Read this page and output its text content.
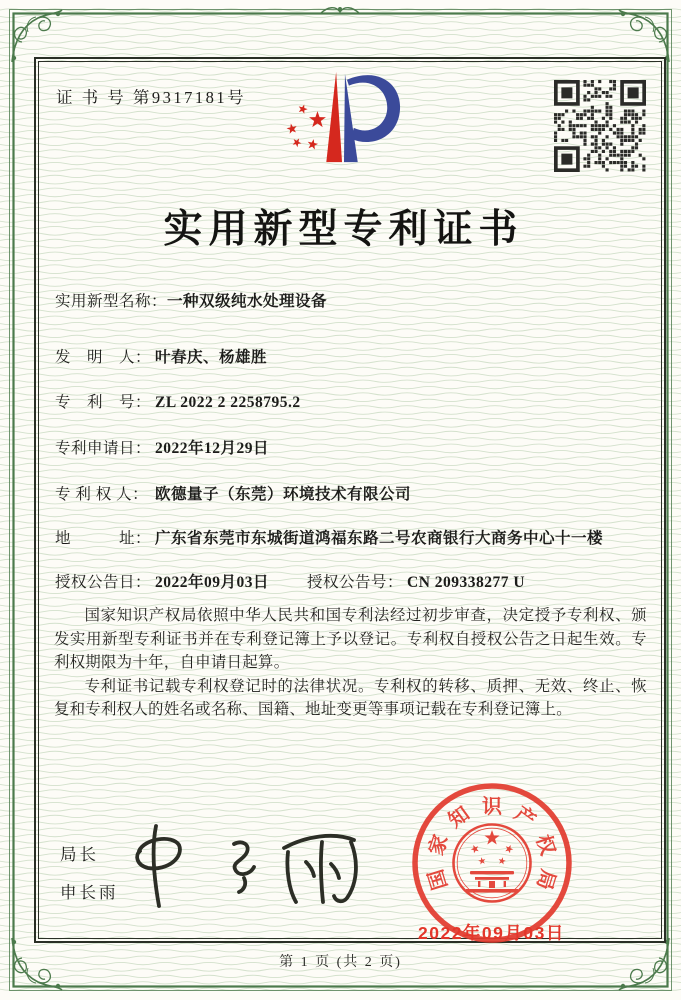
证 书 号 第9317181号
实用新型专利证书
实用新型名称：一种双级纯水处理设备
发　明　人： 叶春庆、杨雄胜
专　利　号： ZL 2022 2 2258795.2
专利申请日： 2022年12月29日
专 利 权 人： 欧德量子（东莞）环境技术有限公司
地　　　址： 广东省东莞市东城街道鸿福东路二号农商银行大商务中心十一楼
授权公告日： 2022年09月03日 授权公告号： CN 209338277 U

国家知识产权局依照中华人民共和国专利法经过初步审查，决定授予专利权、颁发实用新型专利证书并在专利登记簿上予以登记。专利权自授权公告之日起生效。专利权期限为十年，自申请日起算。

专利证书记载专利权登记时的法律状况。专利权的转移、质押、无效、终止、恢复和专利权人的姓名或名称、国籍、地址变更等事项记载在专利登记簿上。

局长
申长雨
国
家
知 识 产
权
局
2022年09月03日
第 1 页 (共 2 页)
